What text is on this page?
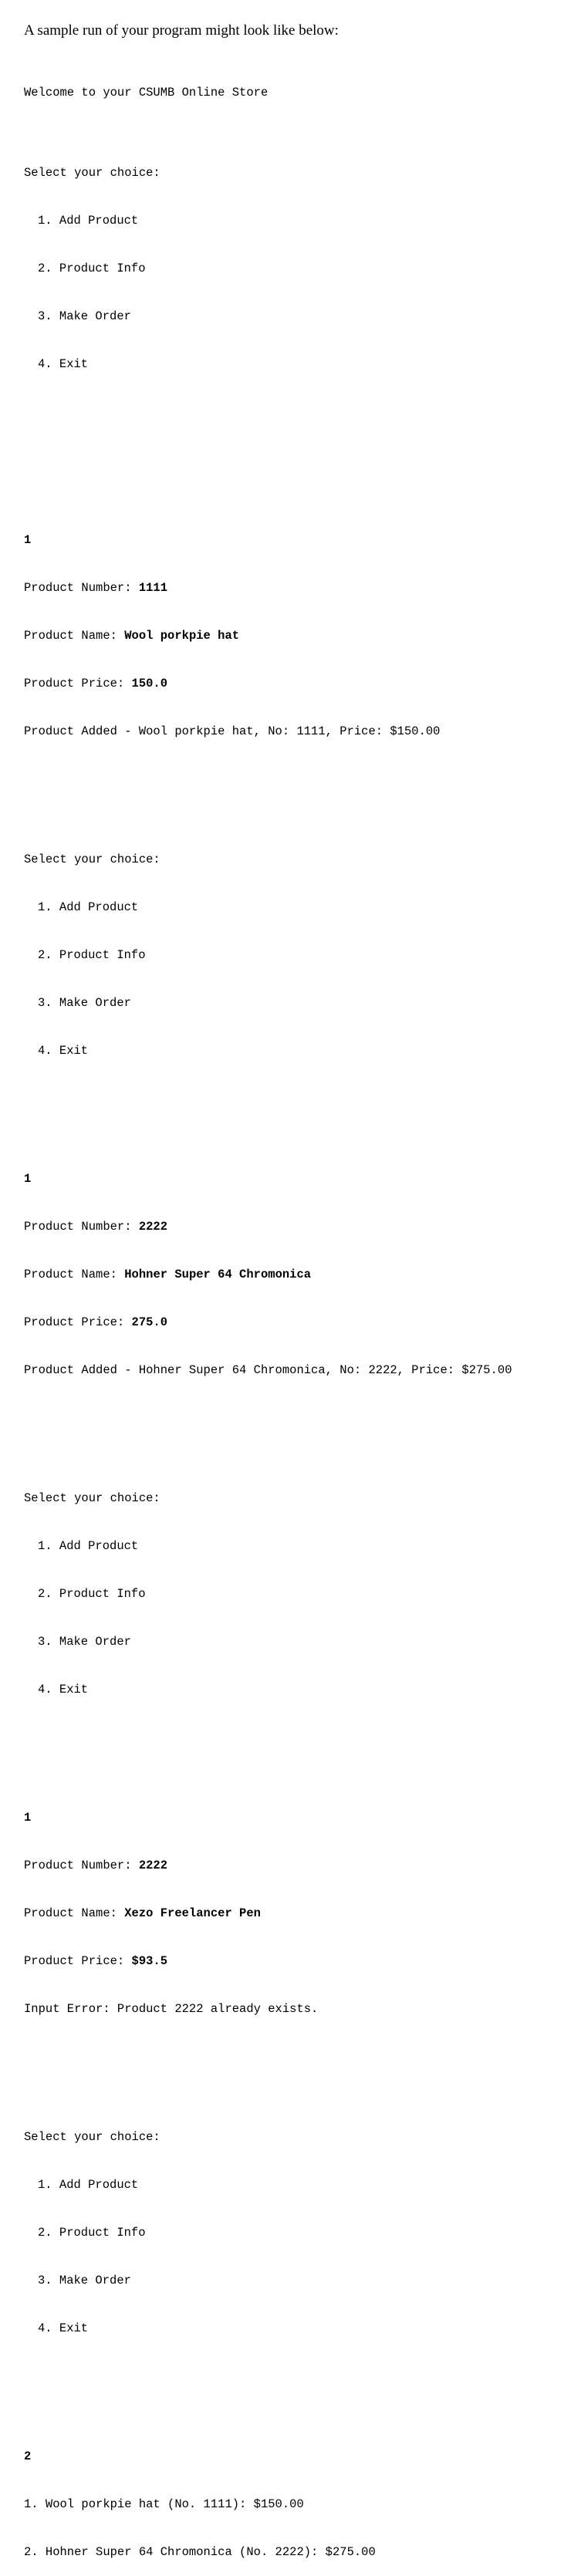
A sample run of your program might look like below:

Welcome to your CSUMB Online Store

Select your choice:

1. Add Product

2. Product Info

3. Make Order

4. Exit

1

Product Number: 1111

Product Name: Wool porkpie hat

Product Price: 150.0

Product Added - Wool porkpie hat, No: 1111, Price: $150.00

Select your choice:

1. Add Product

2. Product Info

3. Make Order

4. Exit

1

Product Number: 2222

Product Name: Hohner Super 64 Chromonica

Product Price: 275.0

Product Added - Hohner Super 64 Chromonica, No: 2222, Price: $275.00

Select your choice:

1. Add Product

2. Product Info

3. Make Order

4. Exit

1

Product Number: 2222

Product Name: Xezo Freelancer Pen

Product Price: $93.5

Input Error: Product 2222 already exists.

Select your choice:

1. Add Product

2. Product Info

3. Make Order

4. Exit

2

1. Wool porkpie hat (No. 1111): $150.00

2. Hohner Super 64 Chromonica (No. 2222): $275.00
